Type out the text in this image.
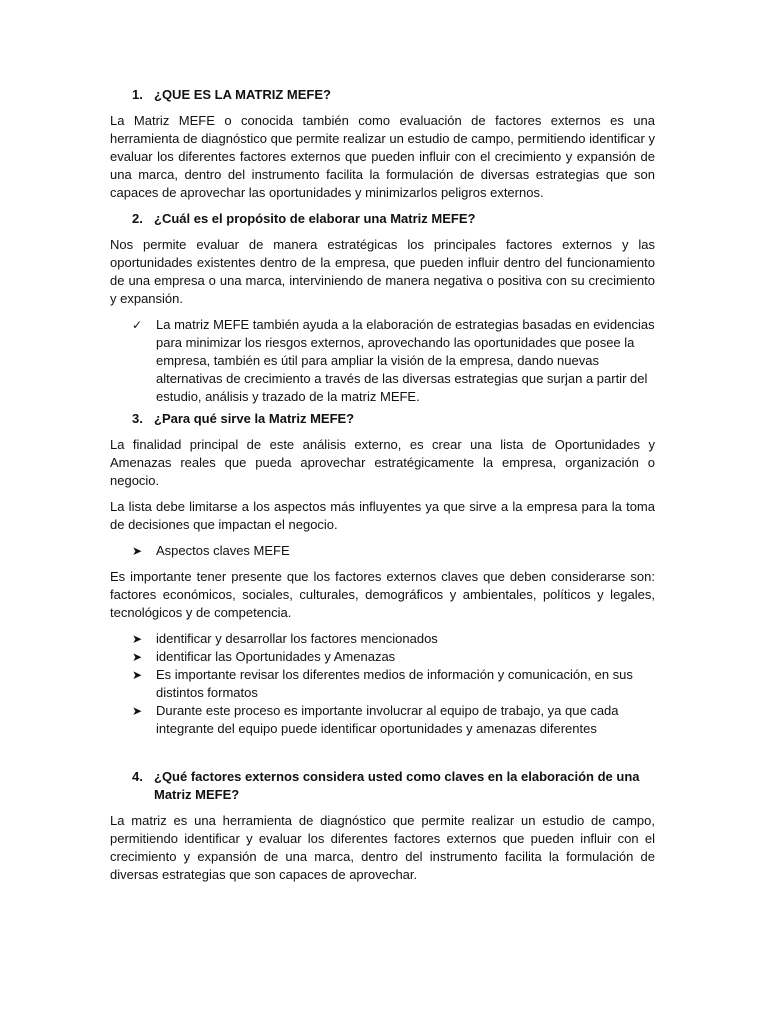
1. ¿QUE ES LA MATRIZ MEFE?

La Matriz MEFE o conocida también como evaluación de factores externos es una herramienta de diagnóstico que permite realizar un estudio de campo, permitiendo identificar y evaluar los diferentes factores externos que pueden influir con el crecimiento y expansión de una marca, dentro del instrumento facilita la formulación de diversas estrategias que son capaces de aprovechar las oportunidades y minimizarlos peligros externos.

2. ¿Cuál es el propósito de elaborar una Matriz MEFE?

Nos permite evaluar de manera estratégicas los principales factores externos y las oportunidades existentes dentro de la empresa, que pueden influir dentro del funcionamiento de una empresa o una marca, interviniendo de manera negativa o positiva con su crecimiento y expansión.

✓	La matriz MEFE también ayuda a la elaboración de estrategias basadas en evidencias para minimizar los riesgos externos, aprovechando las oportunidades que posee la empresa, también es útil para ampliar la visión de la empresa, dando nuevas alternativas de crecimiento a través de las diversas estrategias que surjan a partir del estudio, análisis y trazado de la matriz MEFE.
3. ¿Para qué sirve la Matriz MEFE?

La finalidad principal de este análisis externo, es crear una lista de Oportunidades y Amenazas reales que pueda aprovechar estratégicamente la empresa, organización o negocio.

La lista debe limitarse a los aspectos más influyentes ya que sirve a la empresa para la toma de decisiones que impactan el negocio.

➤	Aspectos claves MEFE

Es importante tener presente que los factores externos claves que deben considerarse son: factores económicos, sociales, culturales, demográficos y ambientales, políticos y legales, tecnológicos y de competencia.

➤	identificar y desarrollar los factores mencionados
➤	identificar las Oportunidades y Amenazas
➤	Es importante revisar los diferentes medios de información y comunicación, en sus distintos formatos
➤	Durante este proceso es importante involucrar al equipo de trabajo, ya que cada integrante del equipo puede identificar oportunidades y amenazas diferentes
4. ¿Qué factores externos considera usted como claves en la elaboración de una Matriz MEFE?

La matriz es una herramienta de diagnóstico que permite realizar un estudio de campo, permitiendo identificar y evaluar los diferentes factores externos que pueden influir con el crecimiento y expansión de una marca, dentro del instrumento facilita la formulación de diversas estrategias que son capaces de aprovechar.
